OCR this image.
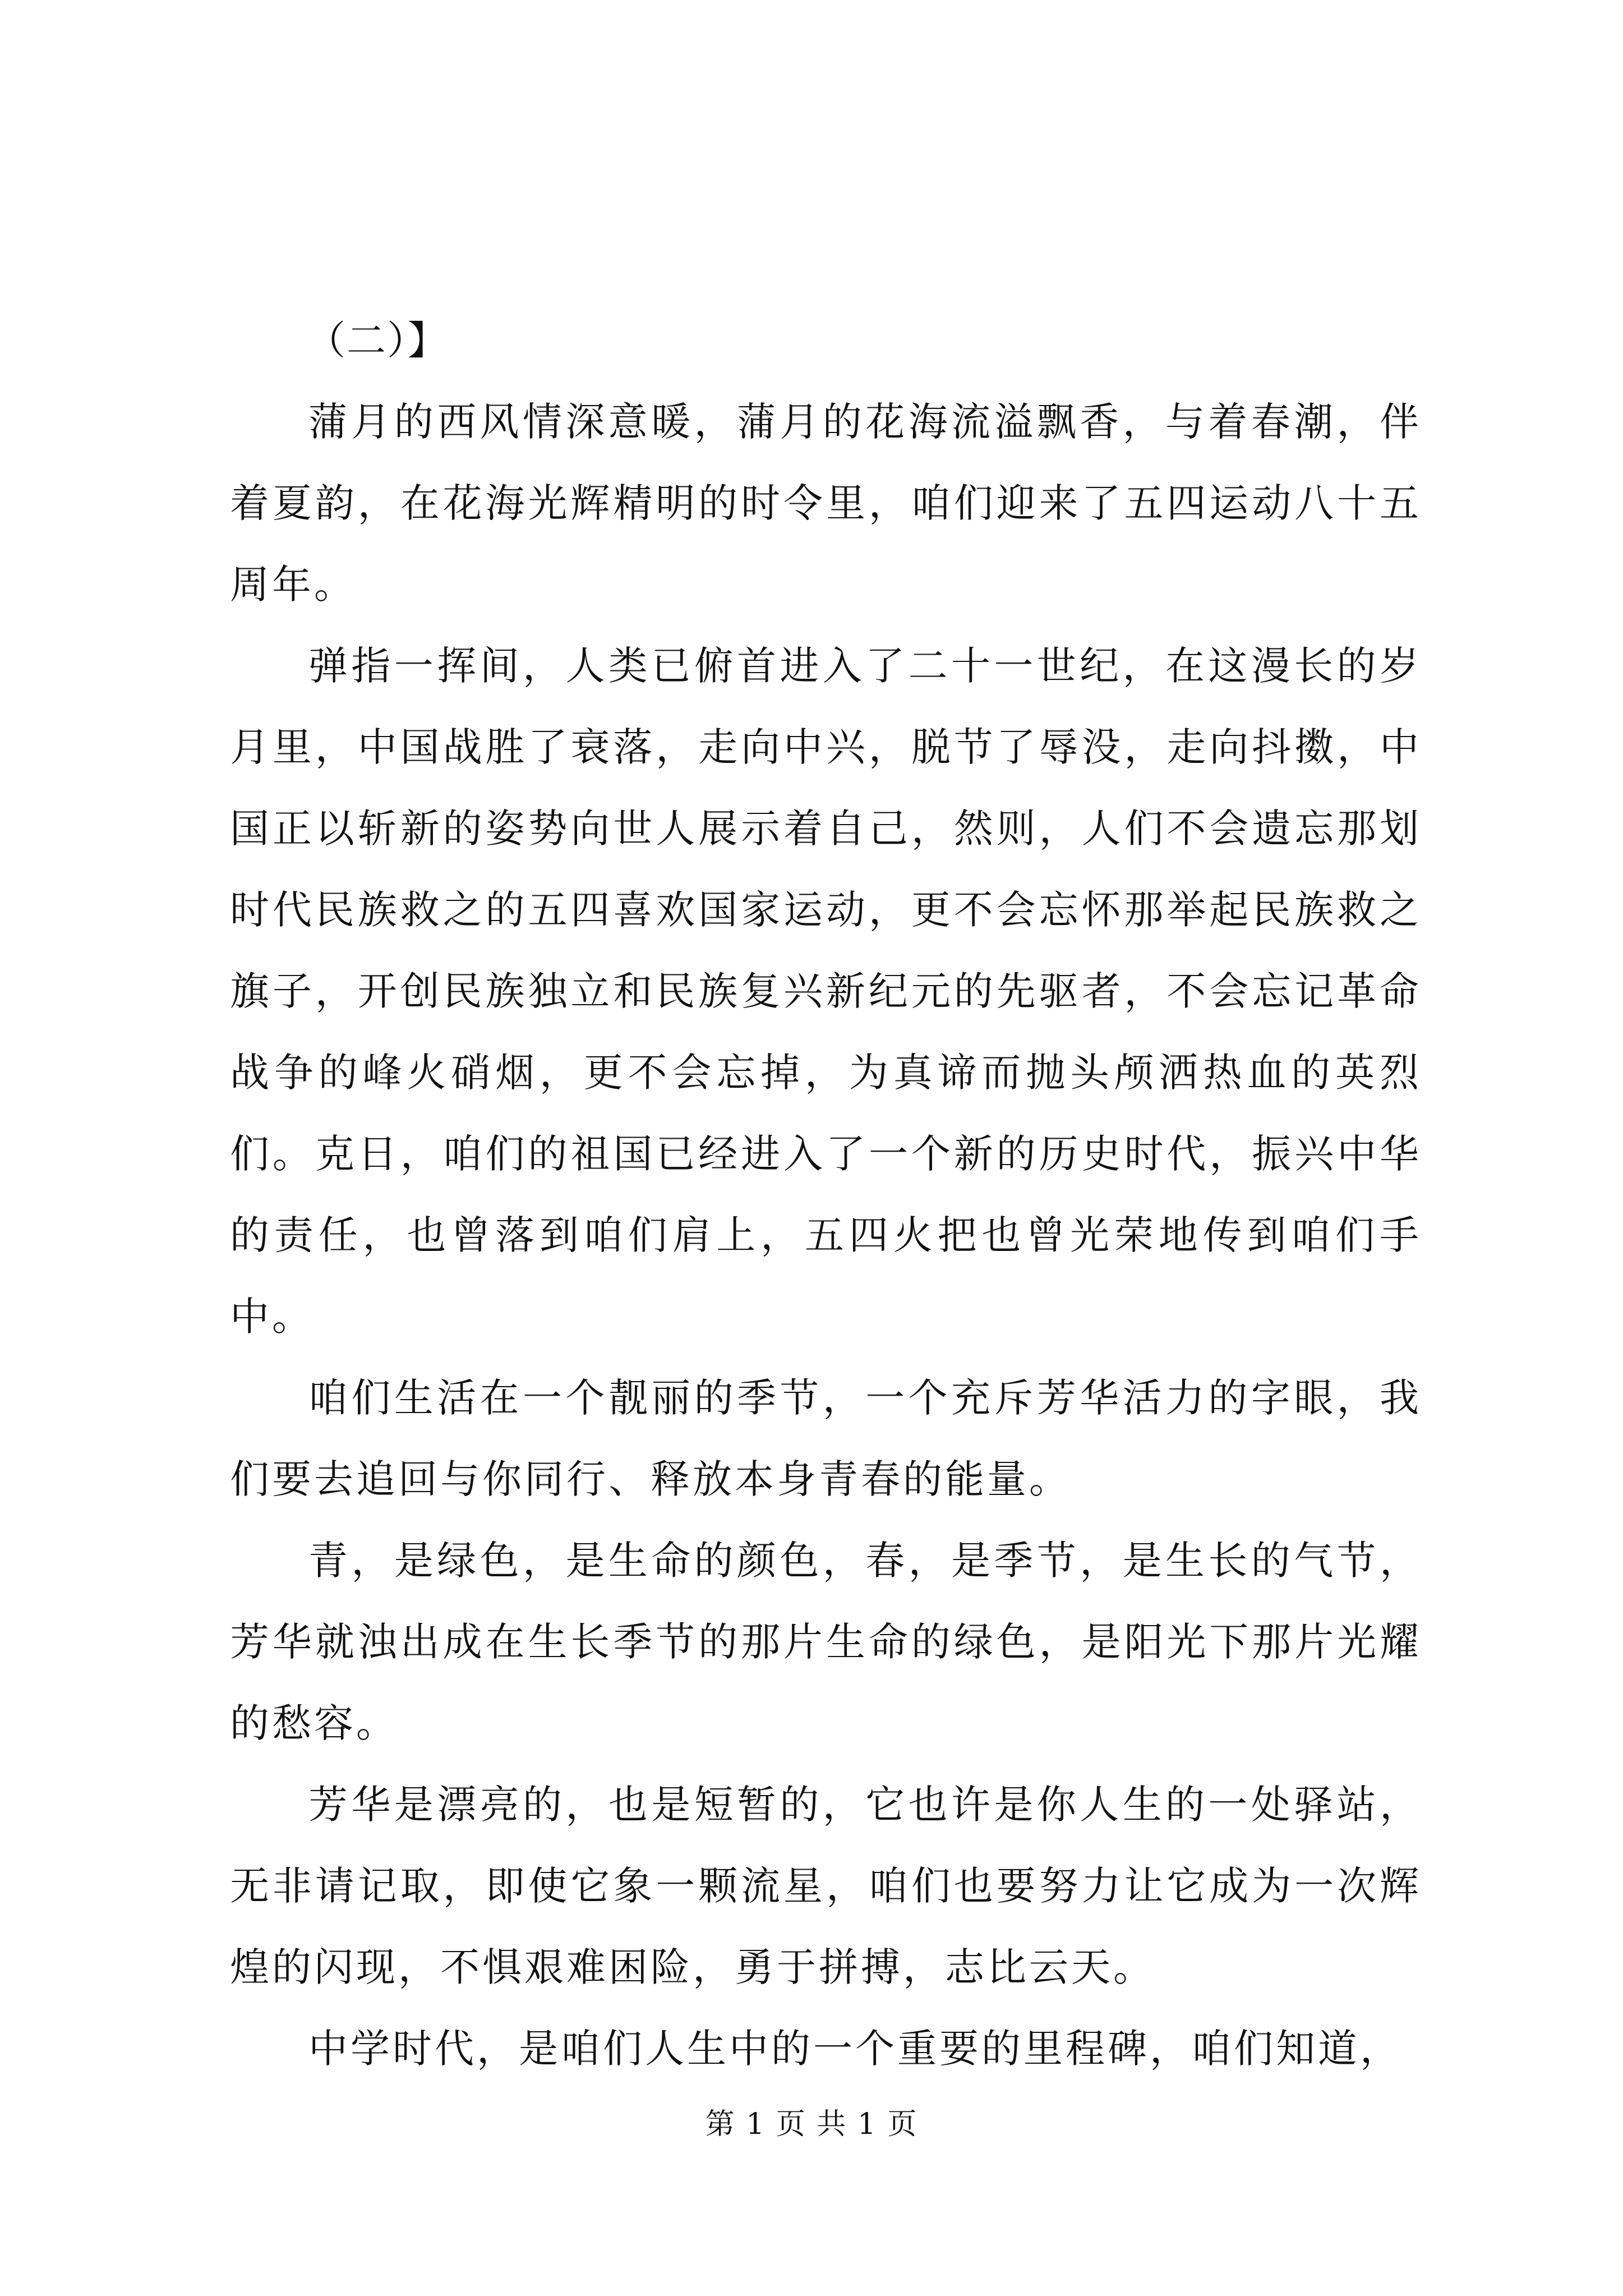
（二）】

蒲月的西风情深意暖，蒲月的花海流溢飘香，与着春潮，伴着夏韵，在花海光辉精明的时令里，咱们迎来了五四运动八十五周年。

弹指一挥间，人类已俯首进入了二十一世纪，在这漫长的岁月里，中国战胜了衰落，走向中兴，脱节了辱没，走向抖擞，中国正以斩新的姿势向世人展示着自己，然则，人们不会遗忘那划时代民族救之的五四喜欢国家运动，更不会忘怀那举起民族救之旗子，开创民族独立和民族复兴新纪元的先驱者，不会忘记革命战争的峰火硝烟，更不会忘掉，为真谛而抛头颅洒热血的英烈们。克日，咱们的祖国已经进入了一个新的历史时代，振兴中华的责任，也曾落到咱们肩上，五四火把也曾光荣地传到咱们手中。

咱们生活在一个靓丽的季节，一个充斥芳华活力的字眼，我们要去追回与你同行、释放本身青春的能量。

青，是绿色，是生命的颜色，春，是季节，是生长的气节，芳华就浊出成在生长季节的那片生命的绿色，是阳光下那片光耀的愁容。

芳华是漂亮的，也是短暂的，它也许是你人生的一处驿站，无非请记取，即使它象一颗流星，咱们也要努力让它成为一次辉煌的闪现，不惧艰难困险，勇于拼搏，志比云天。

中学时代，是咱们人生中的一个重要的里程碑，咱们知道，

第 1 页 共 1 页
